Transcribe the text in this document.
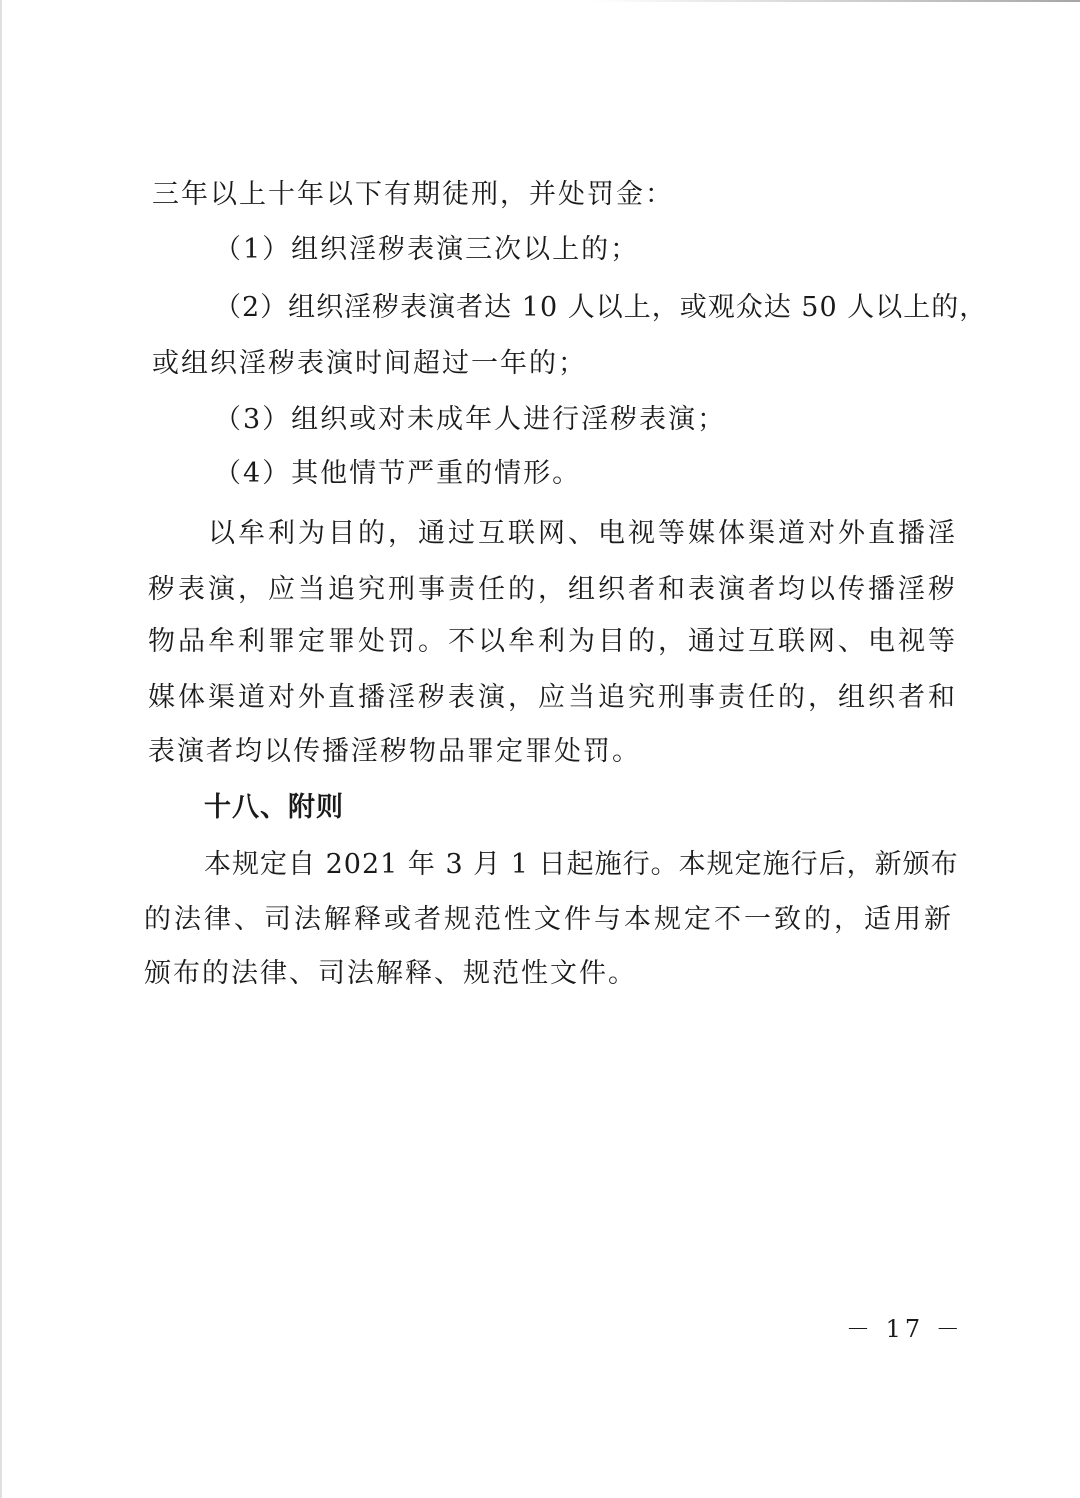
三年以上十年以下有期徒刑，并处罚金：
（1）组织淫秽表演三次以上的；
（2）组织淫秽表演者达 10 人以上，或观众达 50 人以上的，
或组织淫秽表演时间超过一年的；
（3）组织或对未成年人进行淫秽表演；
（4）其他情节严重的情形。
以牟利为目的，通过互联网、电视等媒体渠道对外直播淫
秽表演，应当追究刑事责任的，组织者和表演者均以传播淫秽
物品牟利罪定罪处罚。不以牟利为目的，通过互联网、电视等
媒体渠道对外直播淫秽表演，应当追究刑事责任的，组织者和
表演者均以传播淫秽物品罪定罪处罚。
十八、附则
本规定自 2021 年 3 月 1 日起施行。本规定施行后，新颁布
的法律、司法解释或者规范性文件与本规定不一致的，适用新
颁布的法律、司法解释、规范性文件。
－ 17 －
